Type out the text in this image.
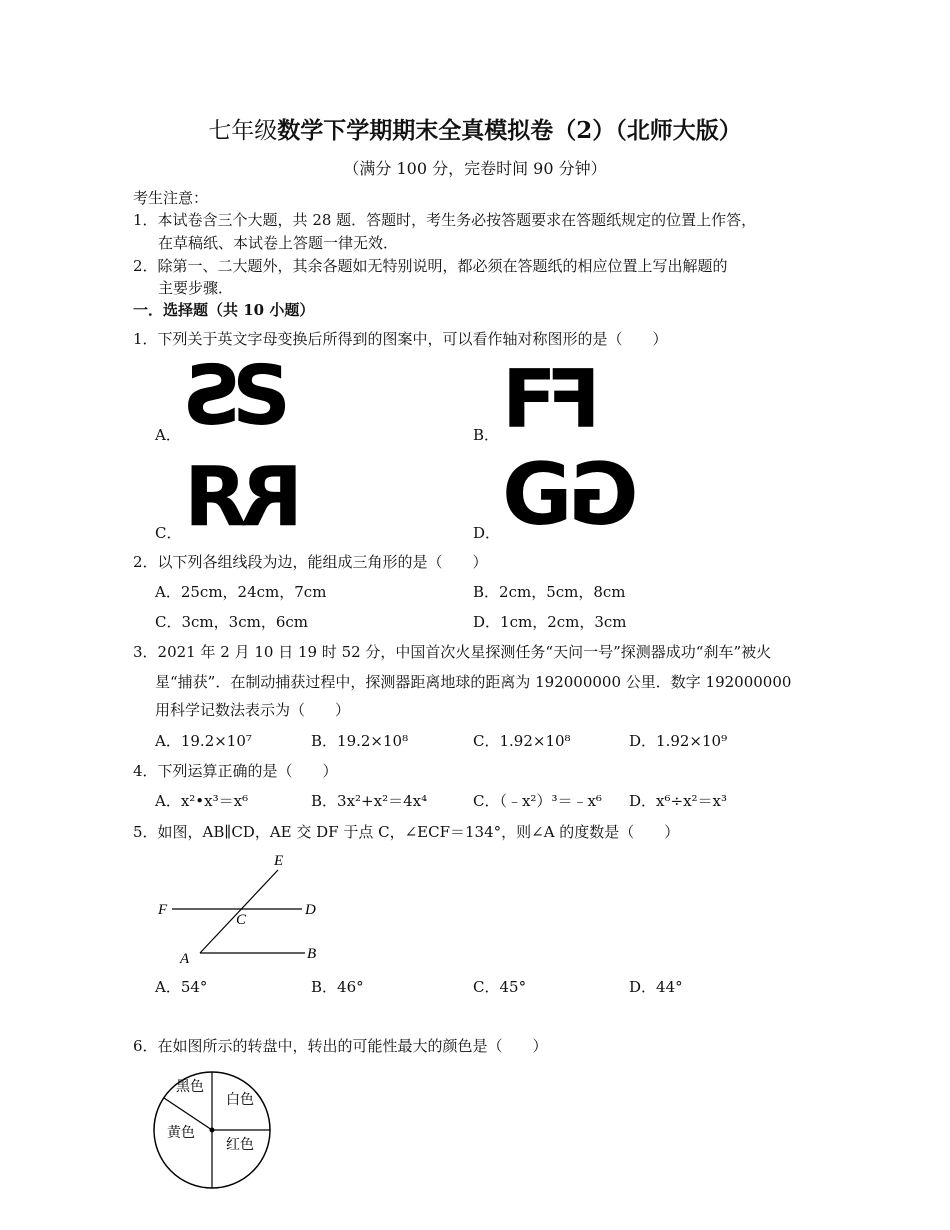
七年级数学下学期期末全真模拟卷（2）（北师大版）
（满分 100 分，完卷时间 90 分钟）
考生注意：
1．本试卷含三个大题，共 28 题．答题时，考生务必按答题要求在答题纸规定的位置上作答，
在草稿纸、本试卷上答题一律无效．
2．除第一、二大题外，其余各题如无特别说明，都必须在答题纸的相应位置上写出解题的
主要步骤．
一．选择题（共 10 小题）
1．下列关于英文字母变换后所得到的图案中，可以看作轴对称图形的是（　　）
A．	B．
C．	D．
S
S	F
F
R
R G
G
2．以下列各组线段为边，能组成三角形的是（　　）
A．25cm，24cm，7cm	B．2cm，5cm，8cm
C．3cm，3cm，6cm	D．1cm，2cm，3cm
3．2021 年 2 月 10 日 19 时 52 分，中国首次火星探测任务“天问一号”探测器成功“刹车”被火
星“捕获”．在制动捕获过程中，探测器距离地球的距离为 192000000 公里．数字 192000000
用科学记数法表示为（　　）
A．19.2×10⁷	B．19.2×10⁸	C．1.92×10⁸	D．1.92×10⁹
4．下列运算正确的是（　　）
A．x²•x³＝x⁶	B．3x²+x²＝4x⁴	C．（﹣x²）³＝﹣x⁶ D．x⁶÷x²＝x³
5．如图，AB∥CD，AE 交 DF 于点 C，∠ECF＝134°，则∠A 的度数是（　　）
E
F
C
D
A	B
A．54°	B．46°	C．45°	D．44°
6．在如图所示的转盘中，转出的可能性最大的颜色是（　　）
黑色
白色
黄色
红色
